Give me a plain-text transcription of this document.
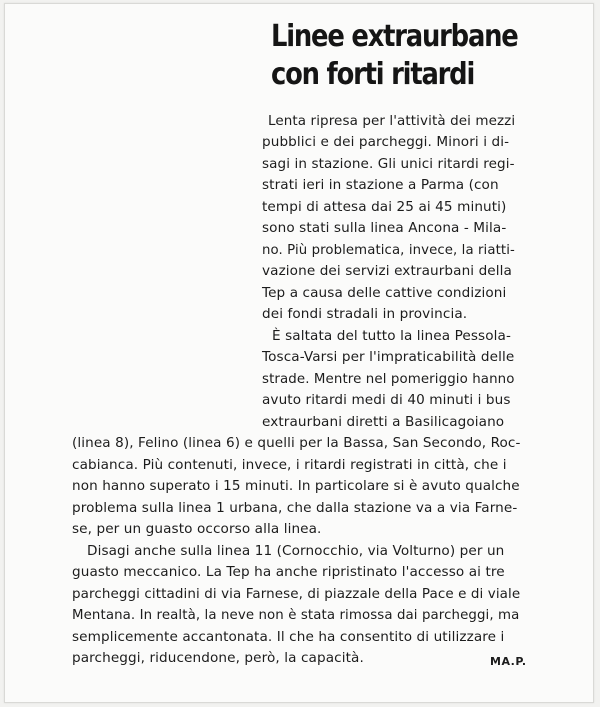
Linee extraurbane
con forti ritardi
Lenta ripresa per l'attività dei mezzi
pubblici e dei parcheggi. Minori i di-
sagi in stazione. Gli unici ritardi regi-
strati ieri in stazione a Parma (con
tempi di attesa dai 25 ai 45 minuti)
sono stati sulla linea Ancona - Mila-
no. Più problematica, invece, la riatti-
vazione dei servizi extraurbani della
Tep a causa delle cattive condizioni
dei fondi stradali in provincia.
È saltata del tutto la linea Pessola-
Tosca-Varsi per l'impraticabilità delle
strade. Mentre nel pomeriggio hanno
avuto ritardi medi di 40 minuti i bus
extraurbani diretti a Basilicagoiano
(linea 8), Felino (linea 6) e quelli per la Bassa, San Secondo, Roc-
cabianca. Più contenuti, invece, i ritardi registrati in città, che i
non hanno superato i 15 minuti. In particolare si è avuto qualche
problema sulla linea 1 urbana, che dalla stazione va a via Farne-
se, per un guasto occorso alla linea.
Disagi anche sulla linea 11 (Cornocchio, via Volturno) per un
guasto meccanico. La Tep ha anche ripristinato l'accesso ai tre
parcheggi cittadini di via Farnese, di piazzale della Pace e di viale
Mentana. In realtà, la neve non è stata rimossa dai parcheggi, ma
semplicemente accantonata. Il che ha consentito di utilizzare i
parcheggi, riducendone, però, la capacità.	MA.P.
